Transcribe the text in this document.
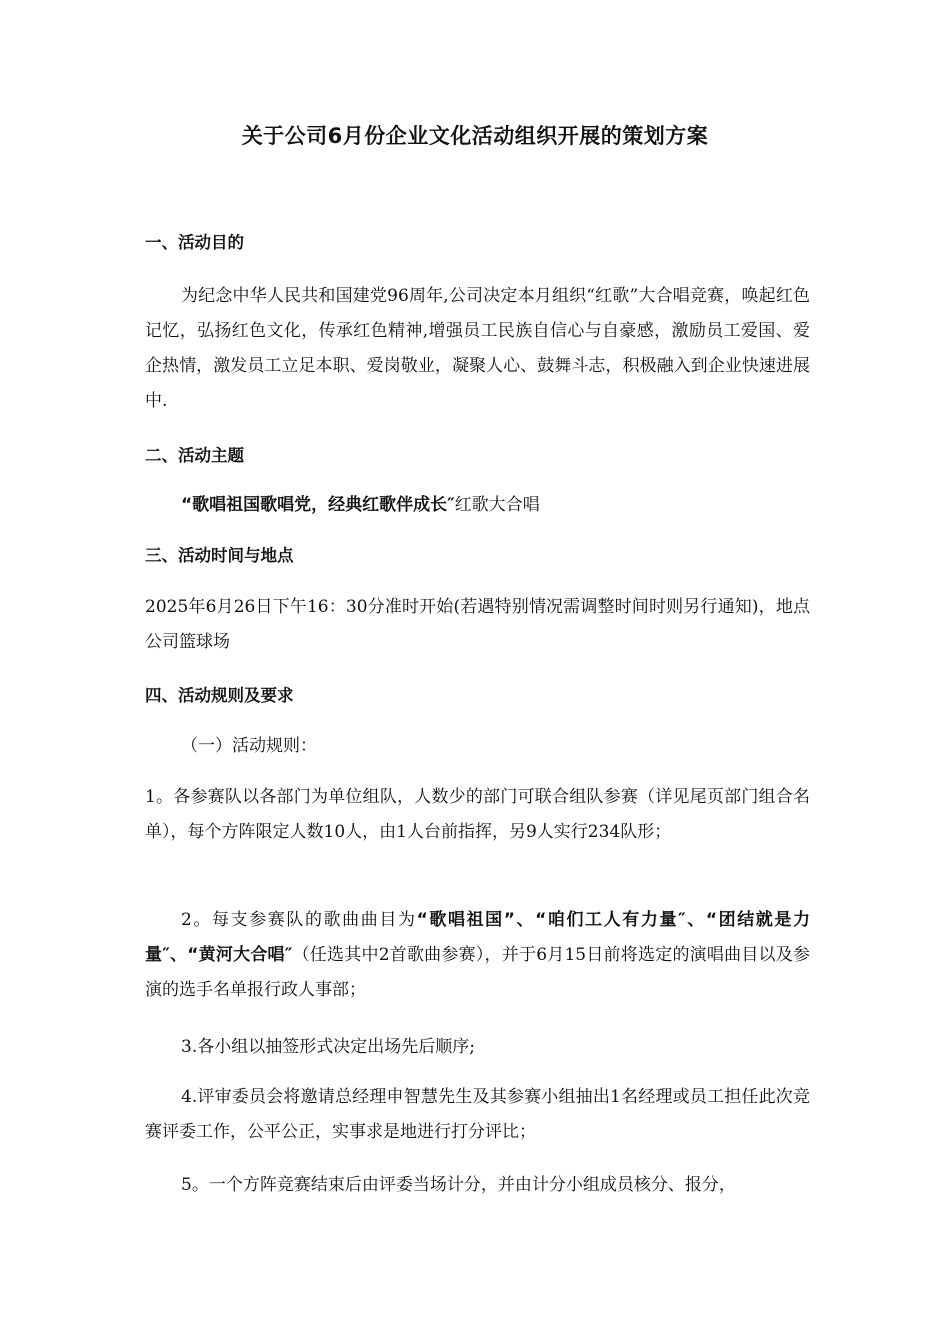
关于公司6月份企业文化活动组织开展的策划方案
一、活动目的
为纪念中华人民共和国建党96周年,公司决定本月组织“红歌”大合唱竞赛，唤起红色记忆，弘扬红色文化，传承红色精神,增强员工民族自信心与自豪感，激励员工爱国、爱企热情，激发员工立足本职、爱岗敬业，凝聚人心、鼓舞斗志，积极融入到企业快速进展中.
二、活动主题
“歌唱祖国歌唱党，经典红歌伴成长″红歌大合唱
三、活动时间与地点
2025年6月26日下午16：30分准时开始(若遇特别情况需调整时间时则另行通知)，地点公司篮球场
四、活动规则及要求
（一）活动规则：
1。各参赛队以各部门为单位组队，人数少的部门可联合组队参赛（详见尾页部门组合名单），每个方阵限定人数10人，由1人台前指挥，另9人实行234队形；
2。每支参赛队的歌曲曲目为“歌唱祖国”、“咱们工人有力量″、“团结就是力量″、“黄河大合唱″（任选其中2首歌曲参赛），并于6月15日前将选定的演唱曲目以及参演的选手名单报行政人事部；
3.各小组以抽签形式决定出场先后顺序;
4.评审委员会将邀请总经理申智慧先生及其参赛小组抽出1名经理或员工担任此次竞赛评委工作，公平公正，实事求是地进行打分评比；
5。一个方阵竞赛结束后由评委当场计分，并由计分小组成员核分、报分，
